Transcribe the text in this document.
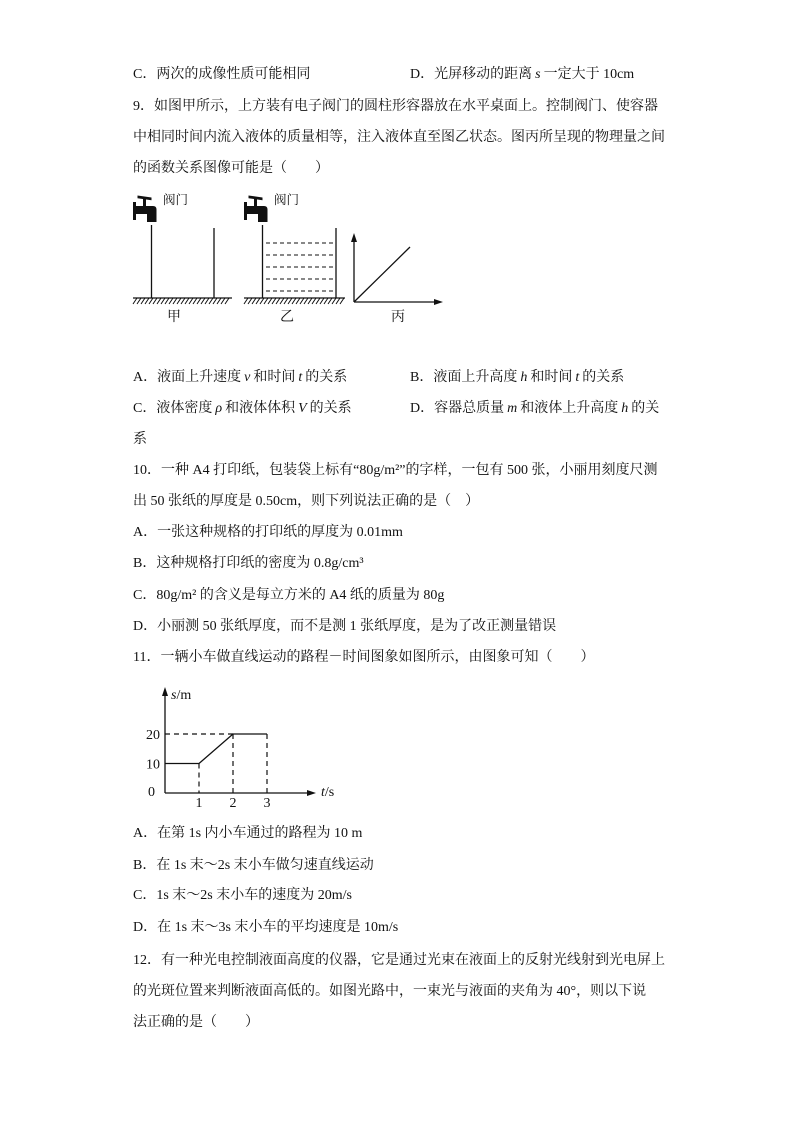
C．两次的成像性质可能相同	D．光屏移动的距离 s 一定大于 10cm
9．如图甲所示，上方装有电子阀门的圆柱形容器放在水平桌面上。控制阀门、使容器
中相同时间内流入液体的质量相等，注入液体直至图乙状态。图丙所呈现的物理量之间
的函数关系图像可能是（　　）
阀门	阀门
甲	乙	丙
A．液面上升速度 v 和时间 t 的关系	B．液面上升高度 h 和时间 t 的关系
C．液体密度 ρ 和液体体积 V 的关系	D．容器总质量 m 和液体上升高度 h 的关
系
10．一种 A4 打印纸，包装袋上标有“80g/m²”的字样，一包有 500 张，小丽用刻度尺测
出 50 张纸的厚度是 0.50cm，则下列说法正确的是（　）
A．一张这种规格的打印纸的厚度为 0.01mm
B．这种规格打印纸的密度为 0.8g/cm³
C．80g/m² 的含义是每立方米的 A4 纸的质量为 80g
D．小丽测 50 张纸厚度，而不是测 1 张纸厚度，是为了改正测量错误
11．一辆小车做直线运动的路程－时间图象如图所示，由图象可知（　　）
10
20
1 2 3
s/m
t/s
0
A．在第 1s 内小车通过的路程为 10 m
B．在 1s 末～2s 末小车做匀速直线运动
C．1s 末～2s 末小车的速度为 20m/s
D．在 1s 末～3s 末小车的平均速度是 10m/s
12．有一种光电控制液面高度的仪器，它是通过光束在液面上的反射光线射到光电屏上
的光斑位置来判断液面高低的。如图光路中，一束光与液面的夹角为 40°，则以下说
法正确的是（　　）
